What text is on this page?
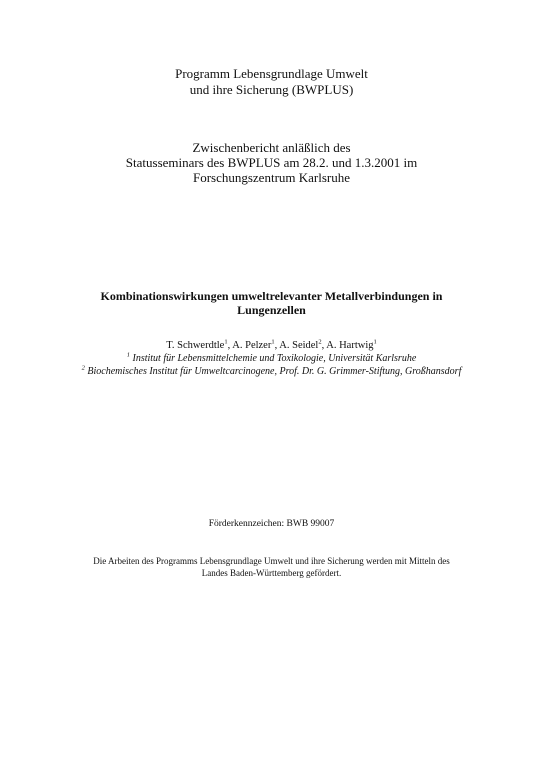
Programm Lebensgrundlage Umwelt
und ihre Sicherung (BWPLUS)
Zwischenbericht anläßlich des
Statusseminars des BWPLUS am 28.2. und 1.3.2001 im
Forschungszentrum Karlsruhe
Kombinationswirkungen umweltrelevanter Metallverbindungen in
Lungenzellen
T. Schwerdtle$^1$, A. Pelzer$^1$, A. Seidel$^2$, A. Hartwig$^1$
$^1$ Institut für Lebensmittelchemie und Toxikologie, Universität Karlsruhe
$^2$ Biochemisches Institut für Umweltcarcinogene, Prof. Dr. G. Grimmer-Stiftung, Großhansdorf
Förderkennzeichen: BWB 99007
Die Arbeiten des Programms Lebensgrundlage Umwelt und ihre Sicherung werden mit Mitteln des
Landes Baden-Württemberg gefördert.
